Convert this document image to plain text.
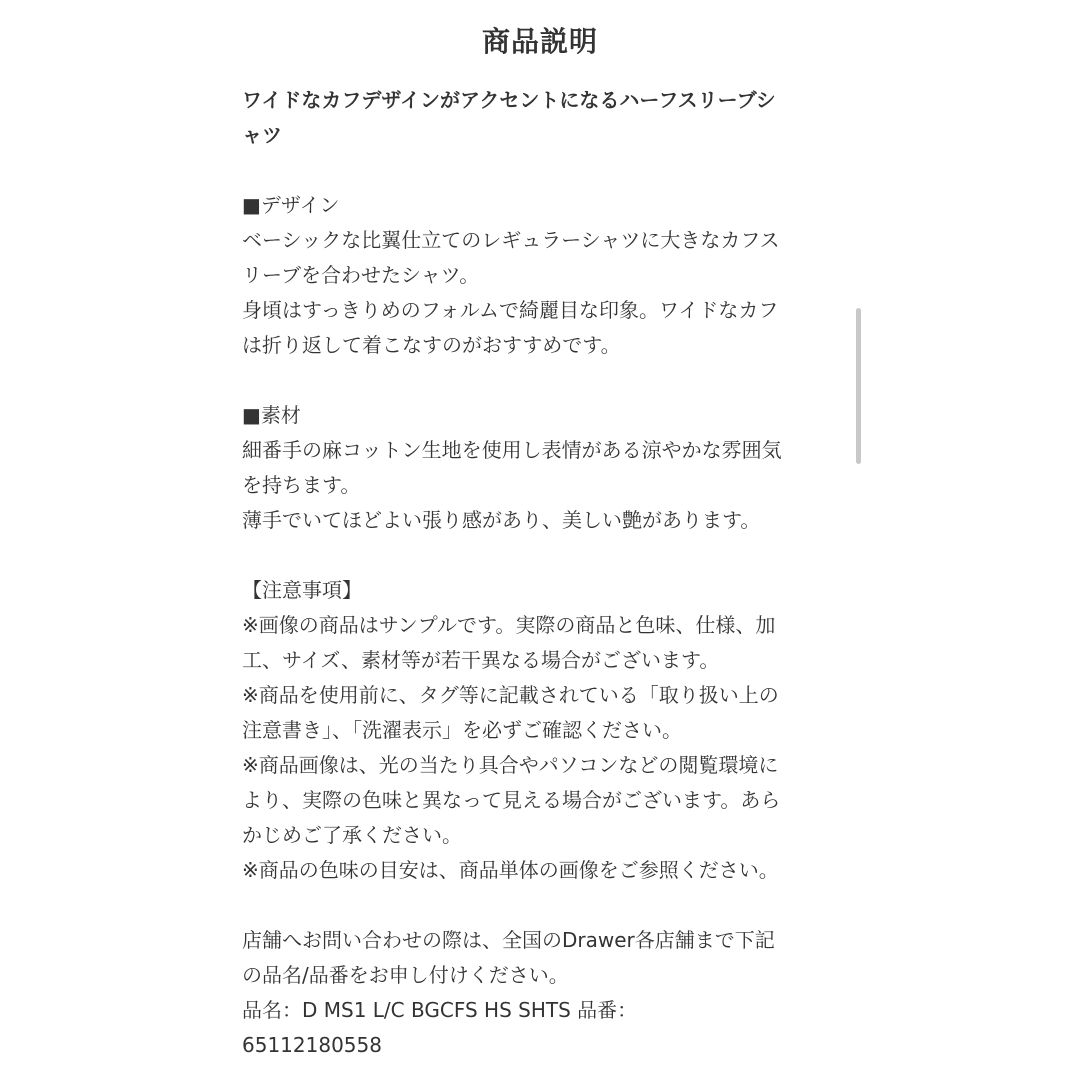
商品説明
ワイドなカフデザインがアクセントになるハーフスリーブシ
ャツ
■デザイン
ベーシックな比翼仕立てのレギュラーシャツに大きなカフス
リーブを合わせたシャツ。
身頃はすっきりめのフォルムで綺麗目な印象。ワイドなカフ
は折り返して着こなすのがおすすめです。
■素材
細番手の麻コットン生地を使用し表情がある涼やかな雰囲気
を持ちます。
薄手でいてほどよい張り感があり、美しい艶があります。
【注意事項】
※画像の商品はサンプルです。実際の商品と色味、仕様、加
工、サイズ、素材等が若干異なる場合がございます。
※商品を使用前に、タグ等に記載されている「取り扱い上の
注意書き」、「洗濯表示」を必ずご確認ください。
※商品画像は、光の当たり具合やパソコンなどの閲覧環境に
より、実際の色味と異なって見える場合がございます。あら
かじめご了承ください。
※商品の色味の目安は、商品単体の画像をご参照ください。
店舗へお問い合わせの際は、全国のDrawer各店舗まで下記
の品名/品番をお申し付けください。
品名：D MS1 L/C BGCFS HS SHTS 品番：
65112180558
